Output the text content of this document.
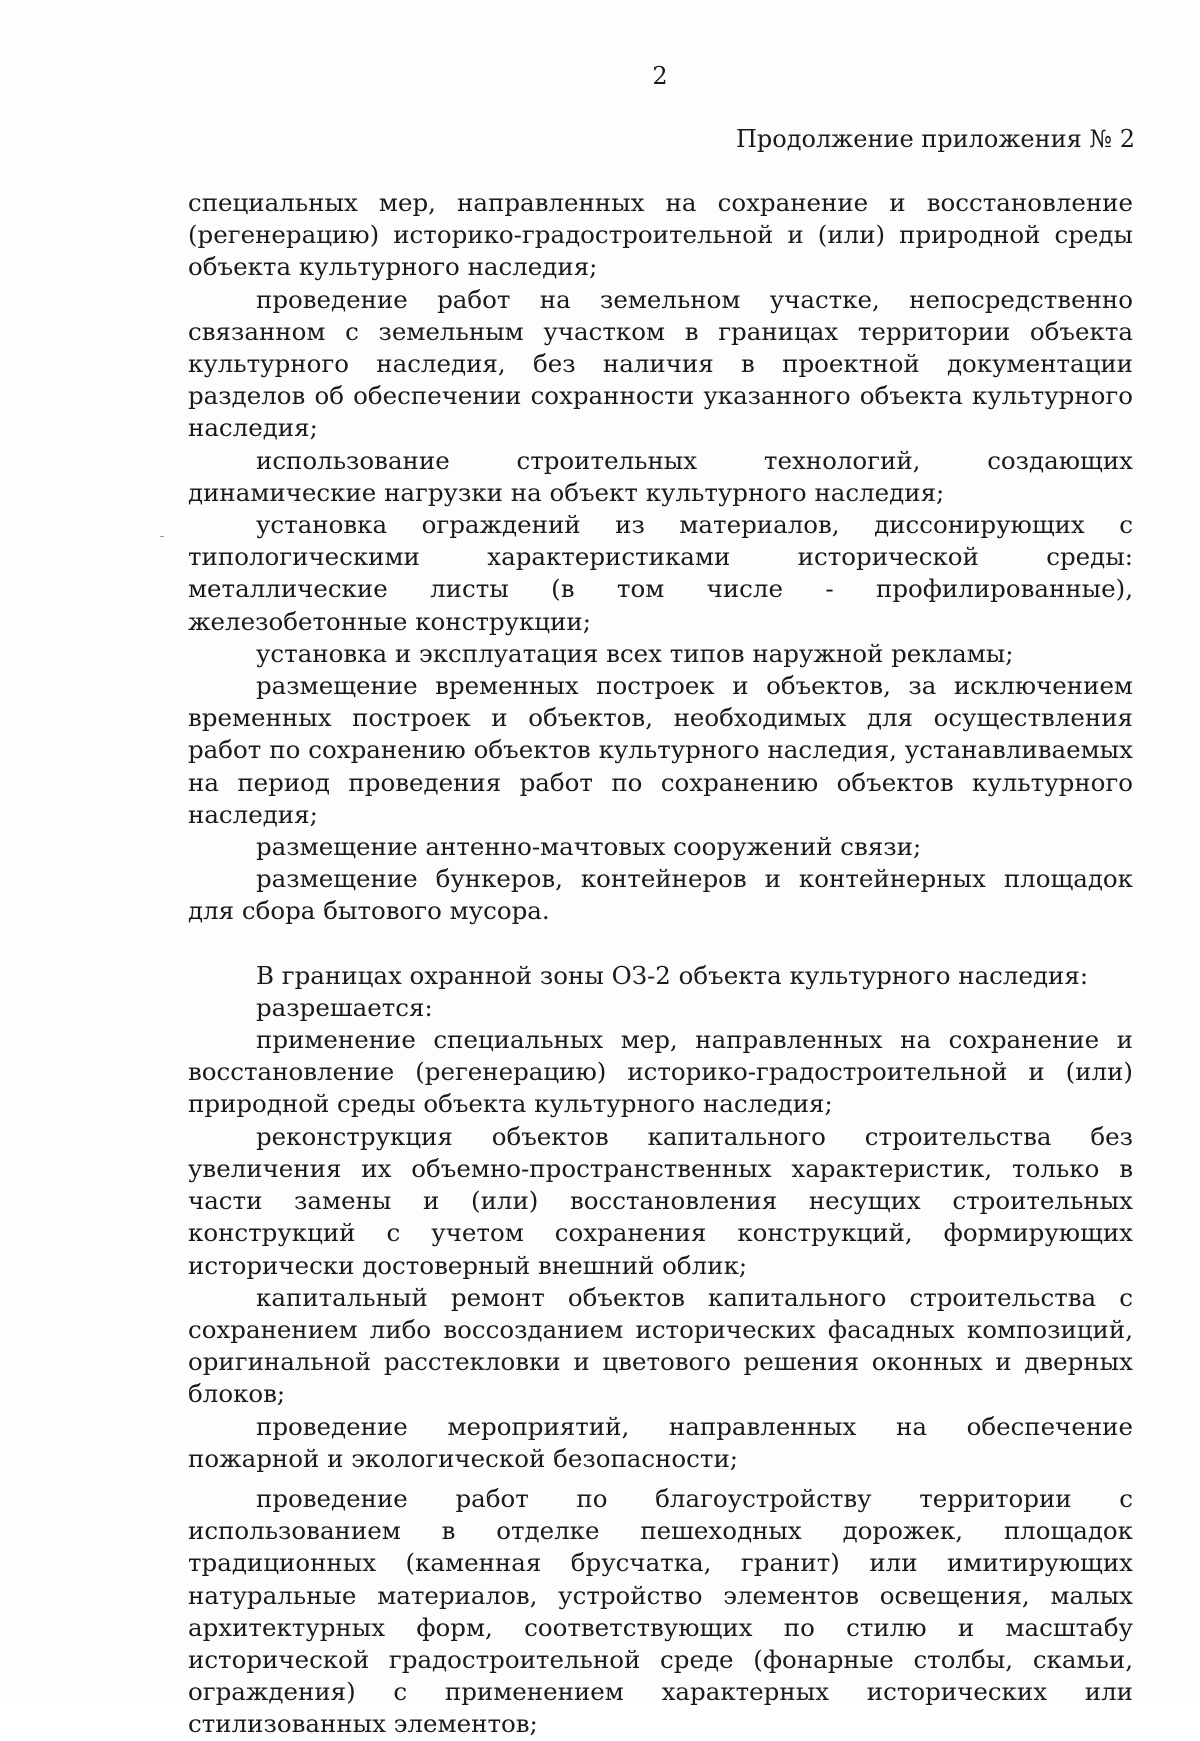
2
Продолжение приложения № 2

специальных мер, направленных на сохранение и восстановление (регенерацию) историко-градостроительной и (или) природной среды объекта культурного наследия;

проведение работ на земельном участке, непосредственно связанном с земельным участком в границах территории объекта культурного наследия, без наличия в проектной документации разделов об обеспечении сохранности указанного объекта культурного наследия;

использование строительных технологий, создающих динамические нагрузки на объект культурного наследия;

установка ограждений из материалов, диссонирующих с типологическими характеристиками исторической среды: металлические листы (в том числе - профилированные), железобетонные конструкции;

установка и эксплуатация всех типов наружной рекламы;

размещение временных построек и объектов, за исключением временных построек и объектов, необходимых для осуществления работ по сохранению объектов культурного наследия, устанавливаемых на период проведения работ по сохранению объектов культурного наследия;

размещение антенно-мачтовых сооружений связи;

размещение бункеров, контейнеров и контейнерных площадок для сбора бытового мусора.

В границах охранной зоны ОЗ-2 объекта культурного наследия:

разрешается:

применение специальных мер, направленных на сохранение и восстановление (регенерацию) историко-градостроительной и (или) природной среды объекта культурного наследия;

реконструкция объектов капитального строительства без увеличения их объемно-пространственных характеристик, только в части замены и (или) восстановления несущих строительных конструкций с учетом сохранения конструкций, формирующих исторически достоверный внешний облик;

капитальный ремонт объектов капитального строительства с сохранением либо воссозданием исторических фасадных композиций, оригинальной расстекловки и цветового решения оконных и дверных блоков;

проведение мероприятий, направленных на обеспечение пожарной и экологической безопасности;

проведение работ по благоустройству территории с использованием в отделке пешеходных дорожек, площадок традиционных (каменная брусчатка, гранит) или имитирующих натуральные материалов, устройство элементов освещения, малых архитектурных форм, соответствующих по стилю и масштабу исторической градостроительной среде (фонарные столбы, скамьи, ограждения) с применением характерных исторических или стилизованных элементов;
